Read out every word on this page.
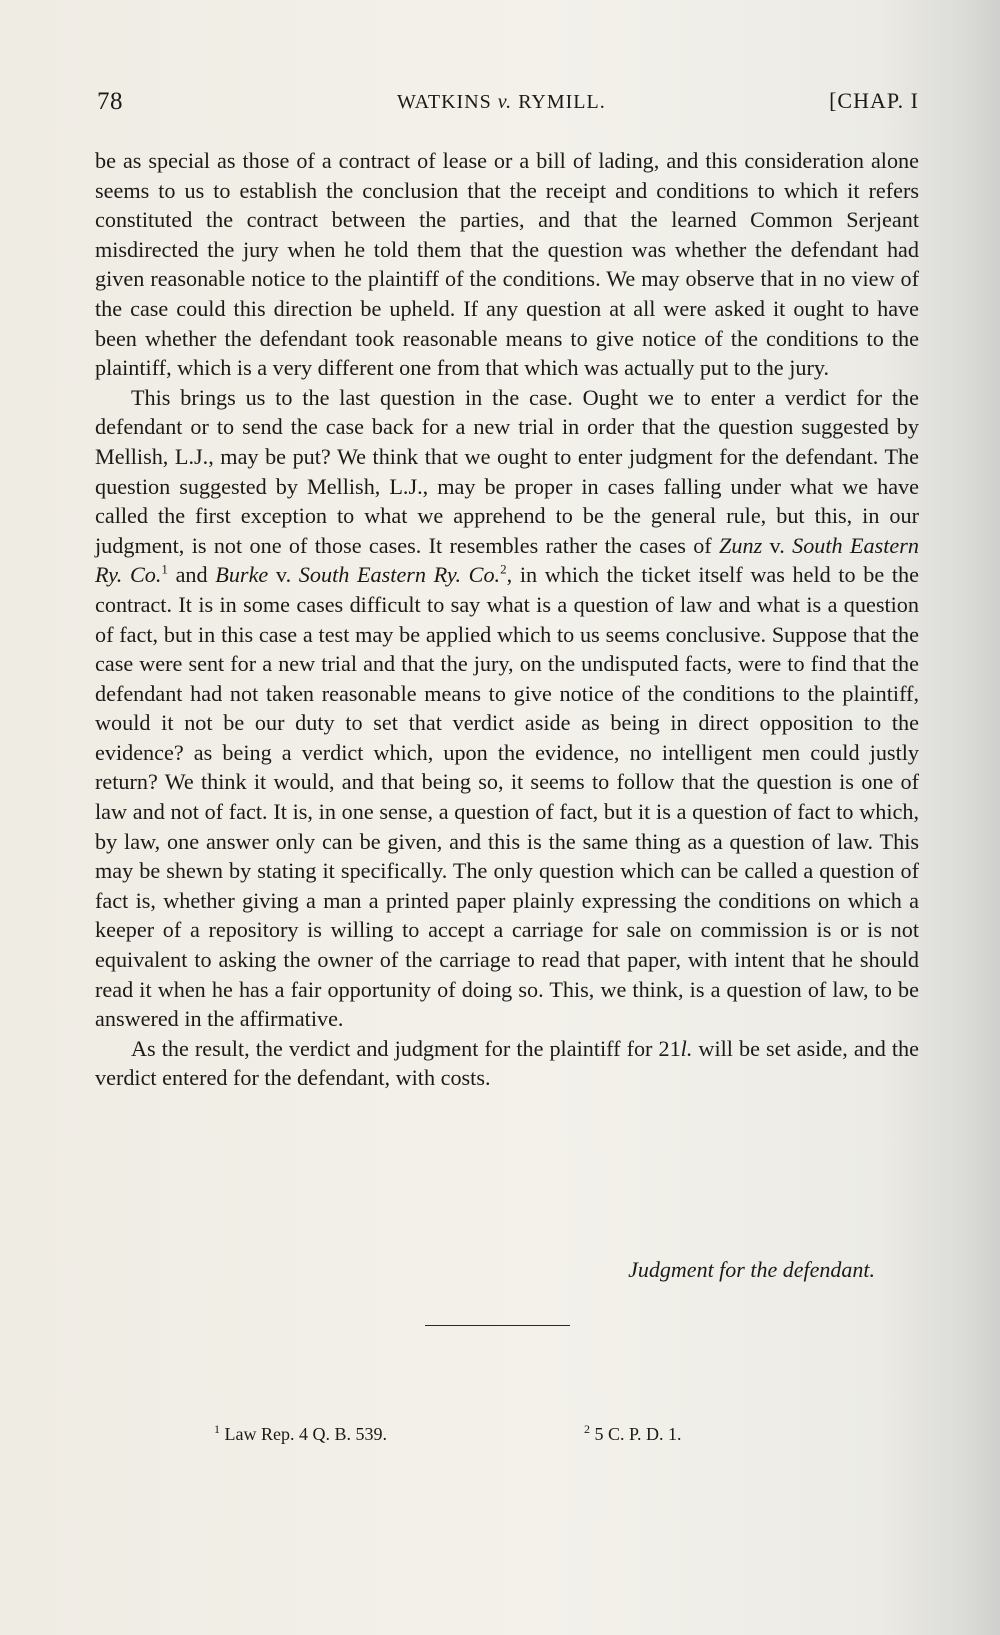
78	WATKINS v. RYMILL.	[CHAP. I

be as special as those of a contract of lease or a bill of lading, and this consideration alone seems to us to establish the conclusion that the receipt and conditions to which it refers constituted the contract between the parties, and that the learned Common Serjeant misdirected the jury when he told them that the question was whether the defendant had given reasonable notice to the plaintiff of the conditions. We may observe that in no view of the case could this direction be upheld. If any question at all were asked it ought to have been whether the defendant took reasonable means to give notice of the conditions to the plaintiff, which is a very different one from that which was actually put to the jury.

This brings us to the last question in the case. Ought we to enter a verdict for the defendant or to send the case back for a new trial in order that the question suggested by Mellish, L.J., may be put? We think that we ought to enter judgment for the defendant. The question suggested by Mellish, L.J., may be proper in cases falling under what we have called the first exception to what we apprehend to be the general rule, but this, in our judgment, is not one of those cases. It resembles rather the cases of Zunz v. South Eastern Ry. Co.$^1$ and Burke v. South Eastern Ry. Co.$^2$, in which the ticket itself was held to be the contract. It is in some cases difficult to say what is a question of law and what is a question of fact, but in this case a test may be applied which to us seems conclusive. Suppose that the case were sent for a new trial and that the jury, on the undisputed facts, were to find that the defendant had not taken reasonable means to give notice of the conditions to the plaintiff, would it not be our duty to set that verdict aside as being in direct opposition to the evidence? as being a verdict which, upon the evidence, no intelligent men could justly return? We think it would, and that being so, it seems to follow that the question is one of law and not of fact. It is, in one sense, a question of fact, but it is a question of fact to which, by law, one answer only can be given, and this is the same thing as a question of law. This may be shewn by stating it specifically. The only question which can be called a question of fact is, whether giving a man a printed paper plainly expressing the conditions on which a keeper of a repository is willing to accept a carriage for sale on commission is or is not equivalent to asking the owner of the carriage to read that paper, with intent that he should read it when he has a fair opportunity of doing so. This, we think, is a question of law, to be answered in the affirmative.

As the result, the verdict and judgment for the plaintiff for 21l. will be set aside, and the verdict entered for the defendant, with costs.

Judgment for the defendant.
$^1$ Law Rep. 4 Q. B. 539.	$^2$ 5 C. P. D. 1.
